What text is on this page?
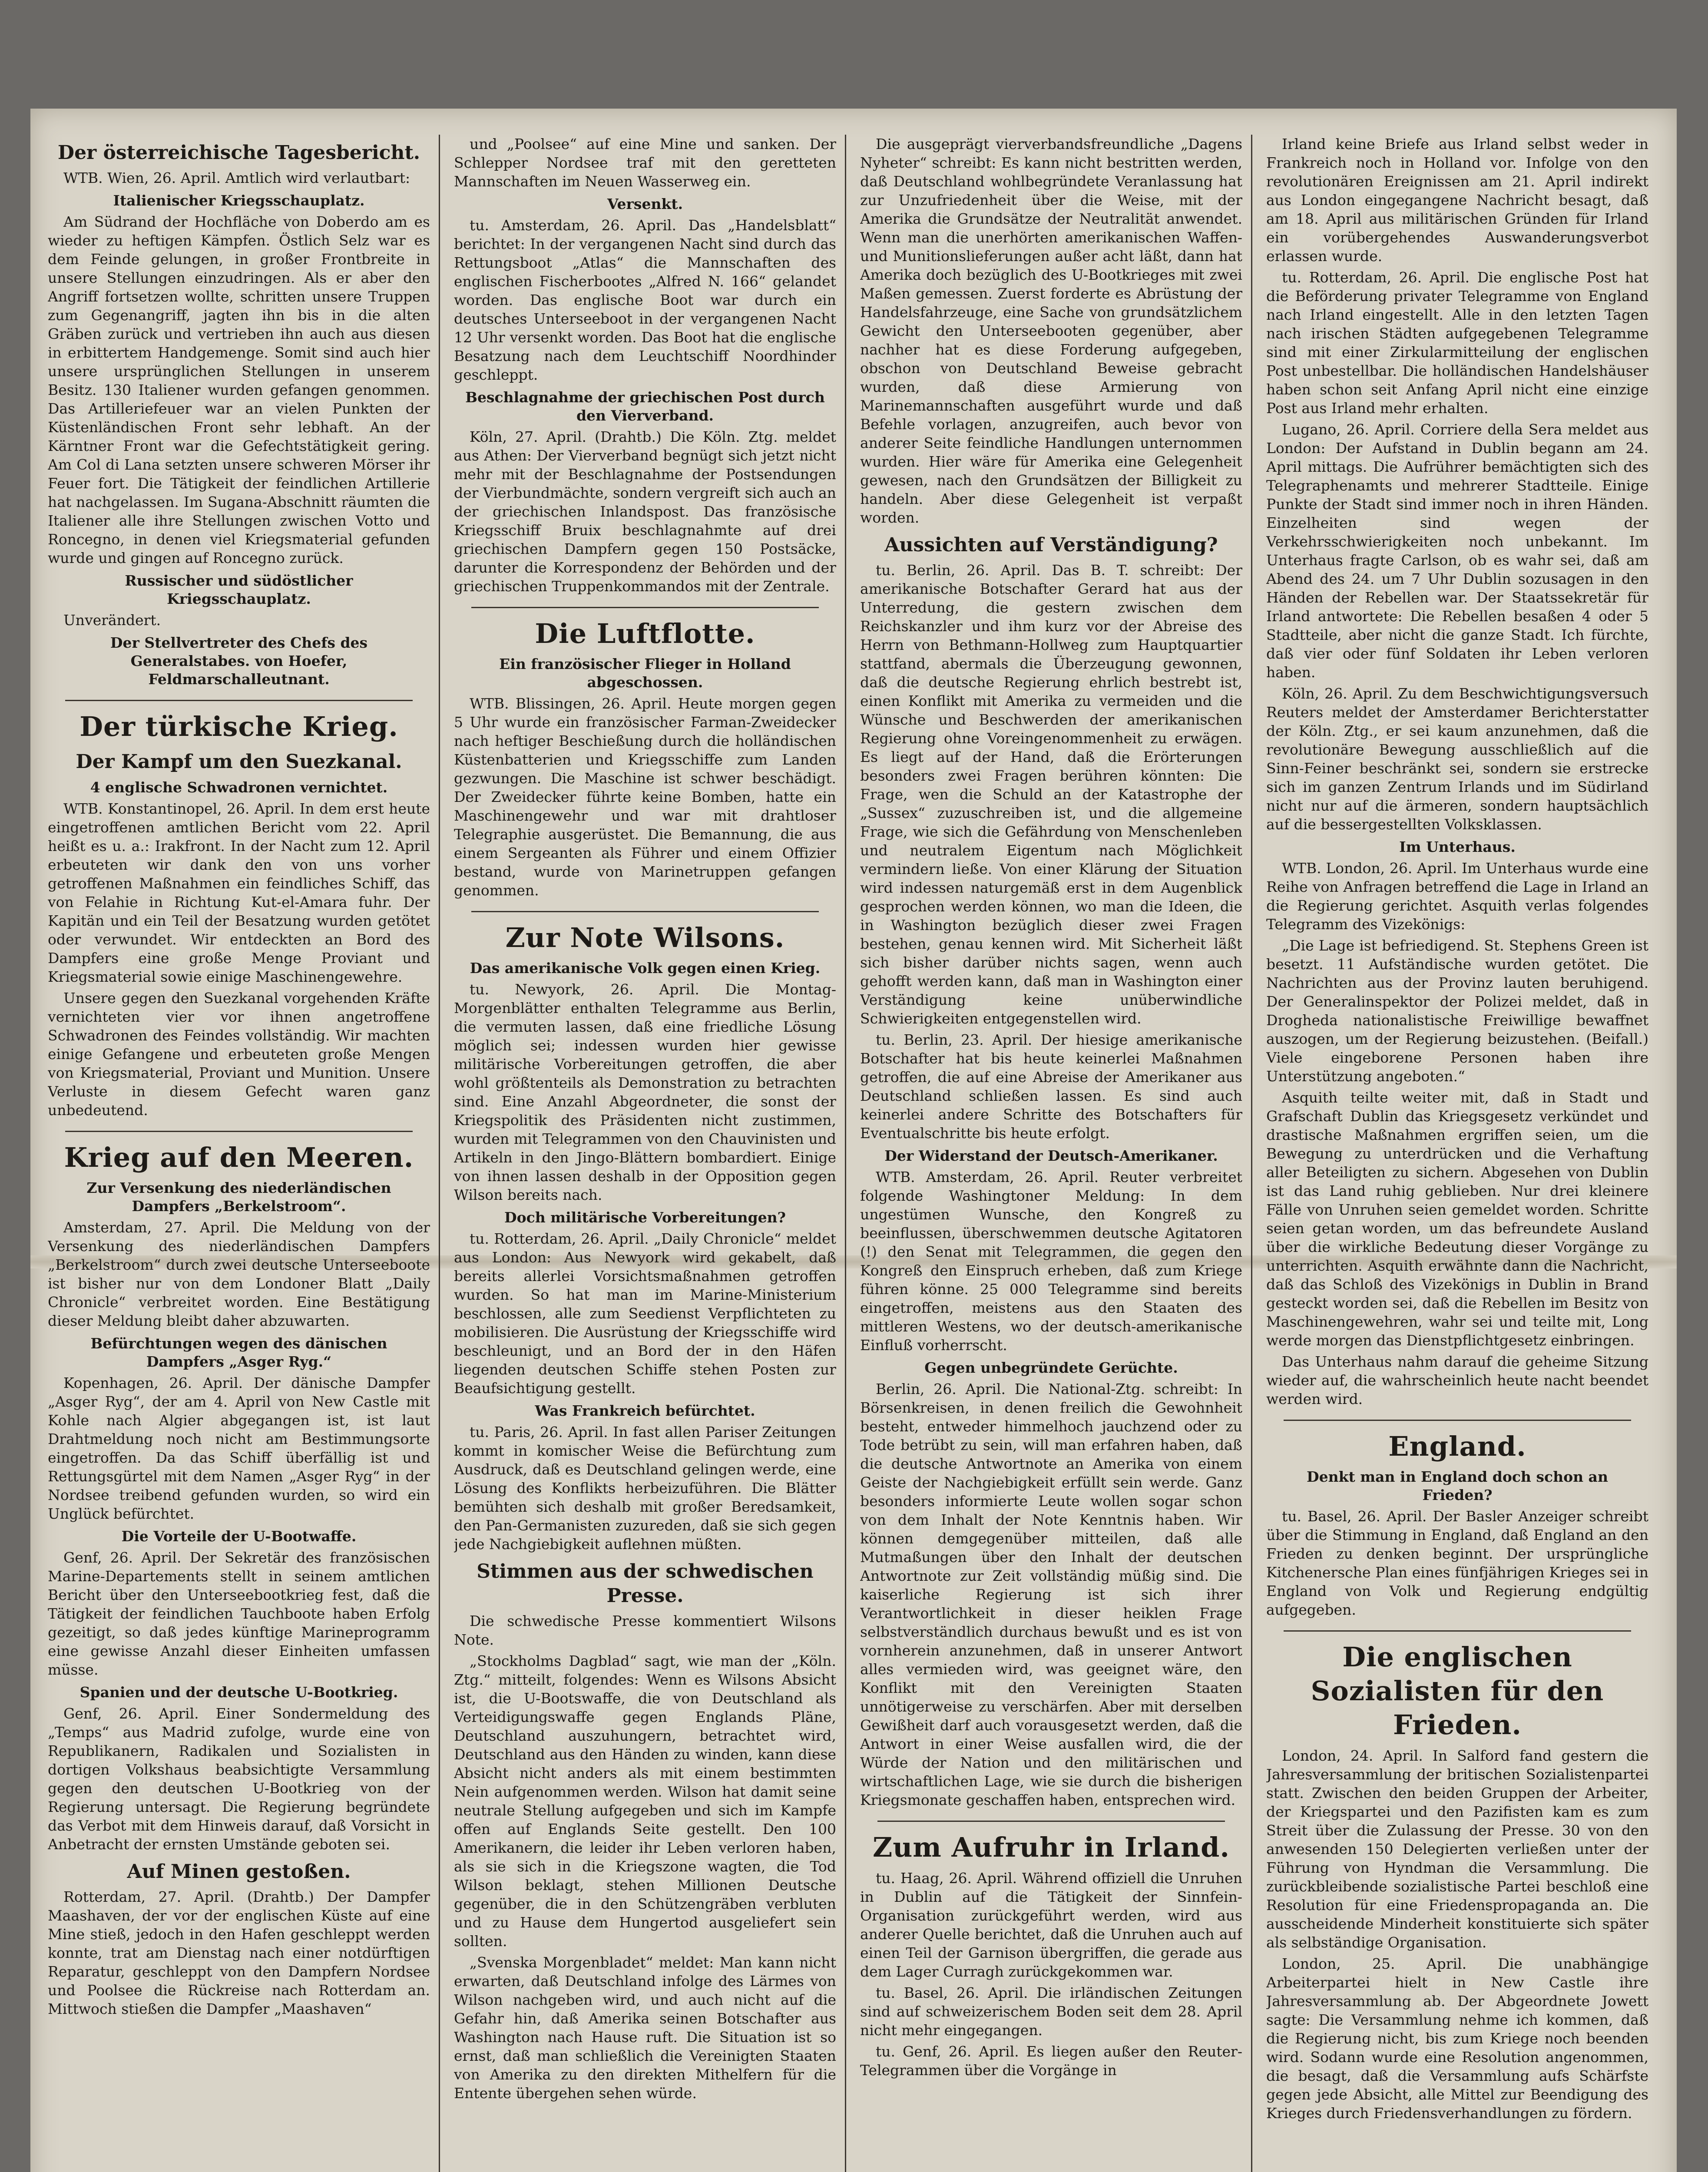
Der österreichische Tagesbericht.

WTB. Wien, 26. April. Amtlich wird verlautbart:

Italienischer Kriegsschauplatz.

Am Südrand der Hochfläche von Doberdo am es wieder zu heftigen Kämpfen. Östlich Selz war es dem Feinde gelungen, in großer Frontbreite in unsere Stellungen einzudringen. Als er aber den Angriff fortsetzen wollte, schritten unsere Truppen zum Gegenangriff, jagten ihn bis in die alten Gräben zurück und vertrieben ihn auch aus diesen in erbittertem Handgemenge. Somit sind auch hier unsere ursprünglichen Stellungen in unserem Besitz. 130 Italiener wurden gefangen genommen. Das Artilleriefeuer war an vielen Punkten der Küstenländischen Front sehr lebhaft. An der Kärntner Front war die Gefechtstätigkeit gering. Am Col di Lana setzten unsere schweren Mörser ihr Feuer fort. Die Tätigkeit der feindlichen Artillerie hat nachgelassen. Im Sugana-Abschnitt räumten die Italiener alle ihre Stellungen zwischen Votto und Roncegno, in denen viel Kriegsmaterial gefunden wurde und gingen auf Roncegno zurück.

Russischer und südöstlicher Kriegsschauplatz.

Unverändert.

Der Stellvertreter des Chefs des Generalstabes. von Hoefer, Feldmarschalleutnant.
Der türkische Krieg.
Der Kampf um den Suezkanal.
4 englische Schwadronen vernichtet.

WTB. Konstantinopel, 26. April. In dem erst heute eingetroffenen amtlichen Bericht vom 22. April heißt es u. a.: Irakfront. In der Nacht zum 12. April erbeuteten wir dank den von uns vorher getroffenen Maßnahmen ein feindliches Schiff, das von Felahie in Richtung Kut-el-Amara fuhr. Der Kapitän und ein Teil der Besatzung wurden getötet oder verwundet. Wir entdeckten an Bord des Dampfers eine große Menge Proviant und Kriegsmaterial sowie einige Maschinengewehre.

Unsere gegen den Suezkanal vorgehenden Kräfte vernichteten vier vor ihnen angetroffene Schwadronen des Feindes vollständig. Wir machten einige Gefangene und erbeuteten große Mengen von Kriegsmaterial, Proviant und Munition. Unsere Verluste in diesem Gefecht waren ganz unbedeutend.

Krieg auf den Meeren.
Zur Versenkung des niederländischen Dampfers „Berkelstroom“.

Amsterdam, 27. April. Die Meldung von der Versenkung des niederländischen Dampfers „Berkelstroom“ durch zwei deutsche Unterseeboote ist bisher nur von dem Londoner Blatt „Daily Chronicle“ verbreitet worden. Eine Bestätigung dieser Meldung bleibt daher abzuwarten.

Befürchtungen wegen des dänischen Dampfers „Asger Ryg.“

Kopenhagen, 26. April. Der dänische Dampfer „Asger Ryg“, der am 4. April von New Castle mit Kohle nach Algier abgegangen ist, ist laut Drahtmeldung noch nicht am Bestimmungsorte eingetroffen. Da das Schiff überfällig ist und Rettungsgürtel mit dem Namen „Asger Ryg“ in der Nordsee treibend gefunden wurden, so wird ein Unglück befürchtet.

Die Vorteile der U-Bootwaffe.

Genf, 26. April. Der Sekretär des französischen Marine-Departements stellt in seinem amtlichen Bericht über den Unterseebootkrieg fest, daß die Tätigkeit der feindlichen Tauchboote haben Erfolg gezeitigt, so daß jedes künftige Marineprogramm eine gewisse Anzahl dieser Einheiten umfassen müsse.

Spanien und der deutsche U-Bootkrieg.

Genf, 26. April. Einer Sondermeldung des „Temps“ aus Madrid zufolge, wurde eine von Republikanern, Radikalen und Sozialisten in dortigen Volkshaus beabsichtigte Versammlung gegen den deutschen U-Bootkrieg von der Regierung untersagt. Die Regierung begründete das Verbot mit dem Hinweis darauf, daß Vorsicht in Anbetracht der ernsten Umstände geboten sei.

Auf Minen gestoßen.

Rotterdam, 27. April. (Drahtb.) Der Dampfer Maashaven, der vor der englischen Küste auf eine Mine stieß, jedoch in den Hafen geschleppt werden konnte, trat am Dienstag nach einer notdürftigen Reparatur, geschleppt von den Dampfern Nordsee und Poolsee die Rückreise nach Rotterdam an. Mittwoch stießen die Dampfer „Maashaven“

und „Poolsee“ auf eine Mine und sanken. Der Schlepper Nordsee traf mit den geretteten Mannschaften im Neuen Wasserweg ein.

Versenkt.

tu. Amsterdam, 26. April. Das „Handelsblatt“ berichtet: In der vergangenen Nacht sind durch das Rettungsboot „Atlas“ die Mannschaften des englischen Fischerbootes „Alfred N. 166“ gelandet worden. Das englische Boot war durch ein deutsches Unterseeboot in der vergangenen Nacht 12 Uhr versenkt worden. Das Boot hat die englische Besatzung nach dem Leuchtschiff Noordhinder geschleppt.

Beschlagnahme der griechischen Post durch den Vierverband.

Köln, 27. April. (Drahtb.) Die Köln. Ztg. meldet aus Athen: Der Vierverband begnügt sich jetzt nicht mehr mit der Beschlagnahme der Postsendungen der Vierbundmächte, sondern vergreift sich auch an der griechischen Inlandspost. Das französische Kriegsschiff Bruix beschlagnahmte auf drei griechischen Dampfern gegen 150 Postsäcke, darunter die Korrespondenz der Behörden und der griechischen Truppenkommandos mit der Zentrale.

Die Luftflotte.
Ein französischer Flieger in Holland abgeschossen.

WTB. Blissingen, 26. April. Heute morgen gegen 5 Uhr wurde ein französischer Farman-Zweidecker nach heftiger Beschießung durch die holländischen Küstenbatterien und Kriegsschiffe zum Landen gezwungen. Die Maschine ist schwer beschädigt. Der Zweidecker führte keine Bomben, hatte ein Maschinengewehr und war mit drahtloser Telegraphie ausgerüstet. Die Bemannung, die aus einem Sergeanten als Führer und einem Offizier bestand, wurde von Marinetruppen gefangen genommen.

Zur Note Wilsons.
Das amerikanische Volk gegen einen Krieg.

tu. Newyork, 26. April. Die Montag-Morgenblätter enthalten Telegramme aus Berlin, die vermuten lassen, daß eine friedliche Lösung möglich sei; indessen wurden hier gewisse militärische Vorbereitungen getroffen, die aber wohl größtenteils als Demonstration zu betrachten sind. Eine Anzahl Abgeordneter, die sonst der Kriegspolitik des Präsidenten nicht zustimmen, wurden mit Telegrammen von den Chauvinisten und Artikeln in den Jingo-Blättern bombardiert. Einige von ihnen lassen deshalb in der Opposition gegen Wilson bereits nach.

Doch militärische Vorbereitungen?

tu. Rotterdam, 26. April. „Daily Chronicle“ meldet aus London: Aus Newyork wird gekabelt, daß bereits allerlei Vorsichtsmaßnahmen getroffen wurden. So hat man im Marine-Ministerium beschlossen, alle zum Seedienst Verpflichteten zu mobilisieren. Die Ausrüstung der Kriegsschiffe wird beschleunigt, und an Bord der in den Häfen liegenden deutschen Schiffe stehen Posten zur Beaufsichtigung gestellt.

Was Frankreich befürchtet.

tu. Paris, 26. April. In fast allen Pariser Zeitungen kommt in komischer Weise die Befürchtung zum Ausdruck, daß es Deutschland gelingen werde, eine Lösung des Konflikts herbeizuführen. Die Blätter bemühten sich deshalb mit großer Beredsamkeit, den Pan-Germanisten zuzureden, daß sie sich gegen jede Nachgiebigkeit auflehnen müßten.

Stimmen aus der schwedischen Presse.

Die schwedische Presse kommentiert Wilsons Note.

„Stockholms Dagblad“ sagt, wie man der „Köln. Ztg.“ mitteilt, folgendes: Wenn es Wilsons Absicht ist, die U-Bootswaffe, die von Deutschland als Verteidigungswaffe gegen Englands Pläne, Deutschland auszuhungern, betrachtet wird, Deutschland aus den Händen zu winden, kann diese Absicht nicht anders als mit einem bestimmten Nein aufgenommen werden. Wilson hat damit seine neutrale Stellung aufgegeben und sich im Kampfe offen auf Englands Seite gestellt. Den 100 Amerikanern, die leider ihr Leben verloren haben, als sie sich in die Kriegszone wagten, die Tod Wilson beklagt, stehen Millionen Deutsche gegenüber, die in den Schützengräben verbluten und zu Hause dem Hungertod ausgeliefert sein sollten.

„Svenska Morgenbladet“ meldet: Man kann nicht erwarten, daß Deutschland infolge des Lärmes von Wilson nachgeben wird, und auch nicht auf die Gefahr hin, daß Amerika seinen Botschafter aus Washington nach Hause ruft. Die Situation ist so ernst, daß man schließlich die Vereinigten Staaten von Amerika zu den direkten Mithelfern für die Entente übergehen sehen würde.

Die ausgeprägt vierverbandsfreundliche „Dagens Nyheter“ schreibt: Es kann nicht bestritten werden, daß Deutschland wohlbegründete Veranlassung hat zur Unzufriedenheit über die Weise, mit der Amerika die Grundsätze der Neutralität anwendet. Wenn man die unerhörten amerikanischen Waffen- und Munitionslieferungen außer acht läßt, dann hat Amerika doch bezüglich des U-Bootkrieges mit zwei Maßen gemessen. Zuerst forderte es Abrüstung der Handelsfahrzeuge, eine Sache von grundsätzlichem Gewicht den Unterseebooten gegenüber, aber nachher hat es diese Forderung aufgegeben, obschon von Deutschland Beweise gebracht wurden, daß diese Armierung von Marinemannschaften ausgeführt wurde und daß Befehle vorlagen, anzugreifen, auch bevor von anderer Seite feindliche Handlungen unternommen wurden. Hier wäre für Amerika eine Gelegenheit gewesen, nach den Grundsätzen der Billigkeit zu handeln. Aber diese Gelegenheit ist verpaßt worden.

Aussichten auf Verständigung?

tu. Berlin, 26. April. Das B. T. schreibt: Der amerikanische Botschafter Gerard hat aus der Unterredung, die gestern zwischen dem Reichskanzler und ihm kurz vor der Abreise des Herrn von Bethmann-Hollweg zum Hauptquartier stattfand, abermals die Überzeugung gewonnen, daß die deutsche Regierung ehrlich bestrebt ist, einen Konflikt mit Amerika zu vermeiden und die Wünsche und Beschwerden der amerikanischen Regierung ohne Voreingenommenheit zu erwägen. Es liegt auf der Hand, daß die Erörterungen besonders zwei Fragen berühren könnten: Die Frage, wen die Schuld an der Katastrophe der „Sussex“ zuzuschreiben ist, und die allgemeine Frage, wie sich die Gefährdung von Menschenleben und neutralem Eigentum nach Möglichkeit vermindern ließe. Von einer Klärung der Situation wird indessen naturgemäß erst in dem Augenblick gesprochen werden können, wo man die Ideen, die in Washington bezüglich dieser zwei Fragen bestehen, genau kennen wird. Mit Sicherheit läßt sich bisher darüber nichts sagen, wenn auch gehofft werden kann, daß man in Washington einer Verständigung keine unüberwindliche Schwierigkeiten entgegenstellen wird.

tu. Berlin, 23. April. Der hiesige amerikanische Botschafter hat bis heute keinerlei Maßnahmen getroffen, die auf eine Abreise der Amerikaner aus Deutschland schließen lassen. Es sind auch keinerlei andere Schritte des Botschafters für Eventualschritte bis heute erfolgt.

Der Widerstand der Deutsch-Amerikaner.

WTB. Amsterdam, 26. April. Reuter verbreitet folgende Washingtoner Meldung: In dem ungestümen Wunsche, den Kongreß zu beeinflussen, überschwemmen deutsche Agitatoren (!) den Senat mit Telegrammen, die gegen den Kongreß den Einspruch erheben, daß zum Kriege führen könne. 25 000 Telegramme sind bereits eingetroffen, meistens aus den Staaten des mittleren Westens, wo der deutsch-amerikanische Einfluß vorherrscht.

Gegen unbegründete Gerüchte.

Berlin, 26. April. Die National-Ztg. schreibt: In Börsenkreisen, in denen freilich die Gewohnheit besteht, entweder himmelhoch jauchzend oder zu Tode betrübt zu sein, will man erfahren haben, daß die deutsche Antwortnote an Amerika von einem Geiste der Nachgiebigkeit erfüllt sein werde. Ganz besonders informierte Leute wollen sogar schon von dem Inhalt der Note Kenntnis haben. Wir können demgegenüber mitteilen, daß alle Mutmaßungen über den Inhalt der deutschen Antwortnote zur Zeit vollständig müßig sind. Die kaiserliche Regierung ist sich ihrer Verantwortlichkeit in dieser heiklen Frage selbstverständlich durchaus bewußt und es ist von vornherein anzunehmen, daß in unserer Antwort alles vermieden wird, was geeignet wäre, den Konflikt mit den Vereinigten Staaten unnötigerweise zu verschärfen. Aber mit derselben Gewißheit darf auch vorausgesetzt werden, daß die Antwort in einer Weise ausfallen wird, die der Würde der Nation und den militärischen und wirtschaftlichen Lage, wie sie durch die bisherigen Kriegsmonate geschaffen haben, entsprechen wird.

Zum Aufruhr in Irland.

tu. Haag, 26. April. Während offiziell die Unruhen in Dublin auf die Tätigkeit der Sinnfein-Organisation zurückgeführt werden, wird aus anderer Quelle berichtet, daß die Unruhen auch auf einen Teil der Garnison übergriffen, die gerade aus dem Lager Curragh zurückgekommen war.

tu. Basel, 26. April. Die irländischen Zeitungen sind auf schweizerischem Boden seit dem 28. April nicht mehr eingegangen.

tu. Genf, 26. April. Es liegen außer den Reuter-Telegrammen über die Vorgänge in

Irland keine Briefe aus Irland selbst weder in Frankreich noch in Holland vor. Infolge von den revolutionären Ereignissen am 21. April indirekt aus London eingegangene Nachricht besagt, daß am 18. April aus militärischen Gründen für Irland ein vorübergehendes Auswanderungsverbot erlassen wurde.

tu. Rotterdam, 26. April. Die englische Post hat die Beförderung privater Telegramme von England nach Irland eingestellt. Alle in den letzten Tagen nach irischen Städten aufgegebenen Telegramme sind mit einer Zirkularmitteilung der englischen Post unbestellbar. Die holländischen Handelshäuser haben schon seit Anfang April nicht eine einzige Post aus Irland mehr erhalten.

Lugano, 26. April. Corriere della Sera meldet aus London: Der Aufstand in Dublin begann am 24. April mittags. Die Aufrührer bemächtigten sich des Telegraphenamts und mehrerer Stadtteile. Einige Punkte der Stadt sind immer noch in ihren Händen. Einzelheiten sind wegen der Verkehrsschwierigkeiten noch unbekannt. Im Unterhaus fragte Carlson, ob es wahr sei, daß am Abend des 24. um 7 Uhr Dublin sozusagen in den Händen der Rebellen war. Der Staatssekretär für Irland antwortete: Die Rebellen besaßen 4 oder 5 Stadtteile, aber nicht die ganze Stadt. Ich fürchte, daß vier oder fünf Soldaten ihr Leben verloren haben.

Köln, 26. April. Zu dem Beschwichtigungsversuch Reuters meldet der Amsterdamer Berichterstatter der Köln. Ztg., er sei kaum anzunehmen, daß die revolutionäre Bewegung ausschließlich auf die Sinn-Feiner beschränkt sei, sondern sie erstrecke sich im ganzen Zentrum Irlands und im Südirland nicht nur auf die ärmeren, sondern hauptsächlich auf die bessergestellten Volksklassen.

Im Unterhaus.

WTB. London, 26. April. Im Unterhaus wurde eine Reihe von Anfragen betreffend die Lage in Irland an die Regierung gerichtet. Asquith verlas folgendes Telegramm des Vizekönigs:

„Die Lage ist befriedigend. St. Stephens Green ist besetzt. 11 Aufständische wurden getötet. Die Nachrichten aus der Provinz lauten beruhigend. Der Generalinspektor der Polizei meldet, daß in Drogheda nationalistische Freiwillige bewaffnet auszogen, um der Regierung beizustehen. (Beifall.) Viele eingeborene Personen haben ihre Unterstützung angeboten.“

Asquith teilte weiter mit, daß in Stadt und Grafschaft Dublin das Kriegsgesetz verkündet und drastische Maßnahmen ergriffen seien, um die Bewegung zu unterdrücken und die Verhaftung aller Beteiligten zu sichern. Abgesehen von Dublin ist das Land ruhig geblieben. Nur drei kleinere Fälle von Unruhen seien gemeldet worden. Schritte seien getan worden, um das befreundete Ausland über die wirkliche Bedeutung dieser Vorgänge zu unterrichten. Asquith erwähnte dann die Nachricht, daß das Schloß des Vizekönigs in Dublin in Brand gesteckt worden sei, daß die Rebellen im Besitz von Maschinengewehren, wahr sei und teilte mit, Long werde morgen das Dienstpflichtgesetz einbringen.

Das Unterhaus nahm darauf die geheime Sitzung wieder auf, die wahrscheinlich heute nacht beendet werden wird.

England.
Denkt man in England doch schon an Frieden?

tu. Basel, 26. April. Der Basler Anzeiger schreibt über die Stimmung in England, daß England an den Frieden zu denken beginnt. Der ursprüngliche Kitchenersche Plan eines fünfjährigen Krieges sei in England von Volk und Regierung endgültig aufgegeben.

Die englischen Sozialisten für den Frieden.

London, 24. April. In Salford fand gestern die Jahresversammlung der britischen Sozialistenpartei statt. Zwischen den beiden Gruppen der Arbeiter, der Kriegspartei und den Pazifisten kam es zum Streit über die Zulassung der Presse. 30 von den anwesenden 150 Delegierten verließen unter der Führung von Hyndman die Versammlung. Die zurückbleibende sozialistische Partei beschloß eine Resolution für eine Friedenspropaganda an. Die ausscheidende Minderheit konstituierte sich später als selbständige Organisation.

London, 25. April. Die unabhängige Arbeiterpartei hielt in New Castle ihre Jahresversammlung ab. Der Abgeordnete Jowett sagte: Die Versammlung nehme ich kommen, daß die Regierung nicht, bis zum Kriege noch beenden wird. Sodann wurde eine Resolution angenommen, die besagt, daß die Versammlung aufs Schärfste gegen jede Absicht, alle Mittel zur Beendigung des Krieges durch Friedensverhandlungen zu fördern.
